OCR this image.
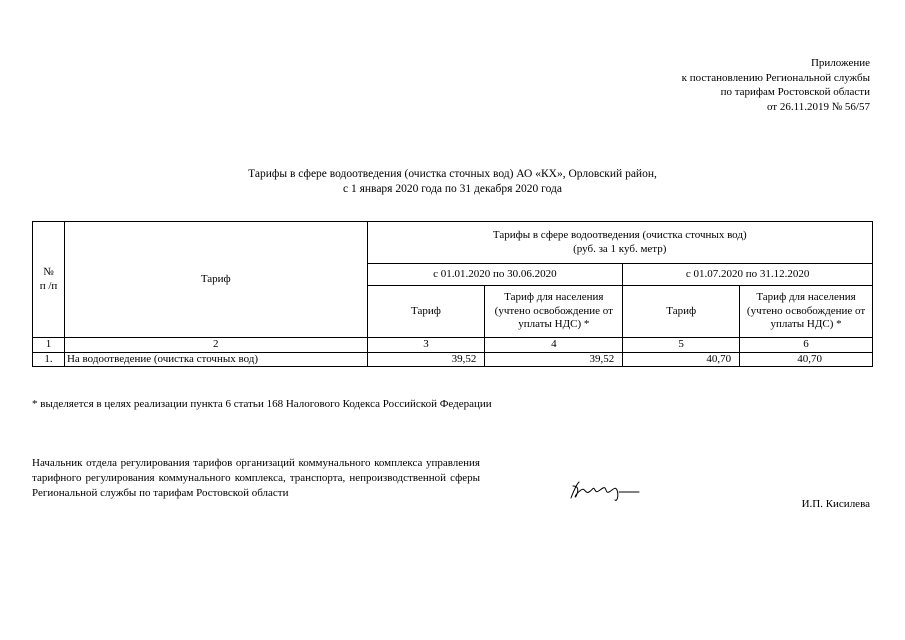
Приложение
к постановлению Региональной службы
по тарифам Ростовской области
от 26.11.2019 № 56/57
Тарифы в сфере водоотведения (очистка сточных вод) АО «КХ», Орловский район,
с 1 января 2020 года по 31 декабря 2020 года
№
п /п	Тариф	Тарифы в сфере водоотведения (очистка сточных вод)
(руб. за 1 куб. метр)			
		с 01.01.2020 по 30.06.2020		с 01.07.2020 по 31.12.2020	
		Тариф	Тариф для населения (учтено освобождение от уплаты НДС) *	Тариф	Тариф для населения (учтено освобождение от уплаты НДС) *
1	2	3	4	5	6
1.	На водоотведение (очистка сточных вод)	39,52	39,52	40,70	40,70
* выделяется в целях реализации пункта 6 статьи 168 Налогового Кодекса Российской Федерации
Начальник отдела регулирования тарифов организаций коммунального комплекса управления тарифного регулирования коммунального комплекса, транспорта, непроизводственной сферы Региональной службы по тарифам Ростовской области
И.П. Кисилева
